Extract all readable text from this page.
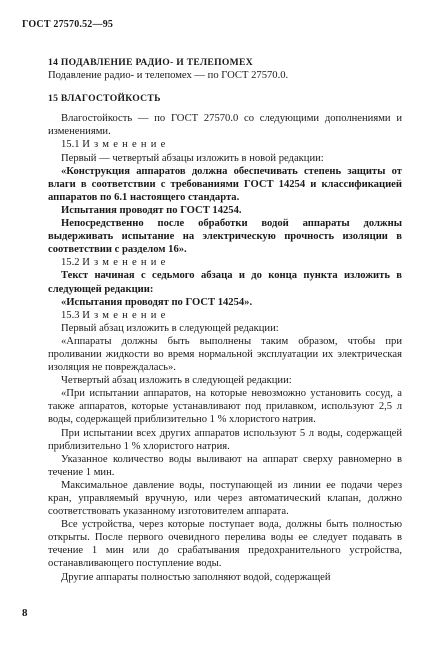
ГОСТ 27570.52—95

14 ПОДАВЛЕНИЕ РАДИО- И ТЕЛЕПОМЕХ

Подавление радио- и телепомех — по ГОСТ 27570.0.

15 ВЛАГОСТОЙКОСТЬ

Влагостойкость — по ГОСТ 27570.0 со следующими дополнениями и изменениями.

15.1 Изменение

Первый — четвертый абзацы изложить в новой редакции:

«Конструкция аппаратов должна обеспечивать степень защиты от влаги в соответствии с требованиями ГОСТ 14254 и классификацией аппаратов по 6.1 настоящего стандарта.

Испытания проводят по ГОСТ 14254.

Непосредственно после обработки водой аппараты должны выдерживать испытание на электрическую прочность изоляции в соответствии с разделом 16».

15.2 Изменение

Текст начиная с седьмого абзаца и до конца пункта изложить в следующей редакции:

«Испытания проводят по ГОСТ 14254».

15.3 Изменение

Первый абзац изложить в следующей редакции:

«Аппараты должны быть выполнены таким образом, чтобы при проливании жидкости во время нормальной эксплуатации их электрическая изоляция не повреждалась».

Четвертый абзац изложить в следующей редакции:

«При испытании аппаратов, на которые невозможно установить сосуд, а также аппаратов, которые устанавливают под прилавком, используют 2,5 л воды, содержащей приблизительно 1 % хлористого натрия.

При испытании всех других аппаратов используют 5 л воды, содержащей приблизительно 1 % хлористого натрия.

Указанное количество воды выливают на аппарат сверху равномерно в течение 1 мин.

Максимальное давление воды, поступающей из линии ее подачи через кран, управляемый вручную, или через автоматический клапан, должно соответствовать указанному изготовителем аппарата.

Все устройства, через которые поступает вода, должны быть полностью открыты. После первого очевидного перелива воды ее следует подавать в течение 1 мин или до срабатывания предохранительного устройства, останавливающего поступление воды.

Другие аппараты полностью заполняют водой, содержащей

8
